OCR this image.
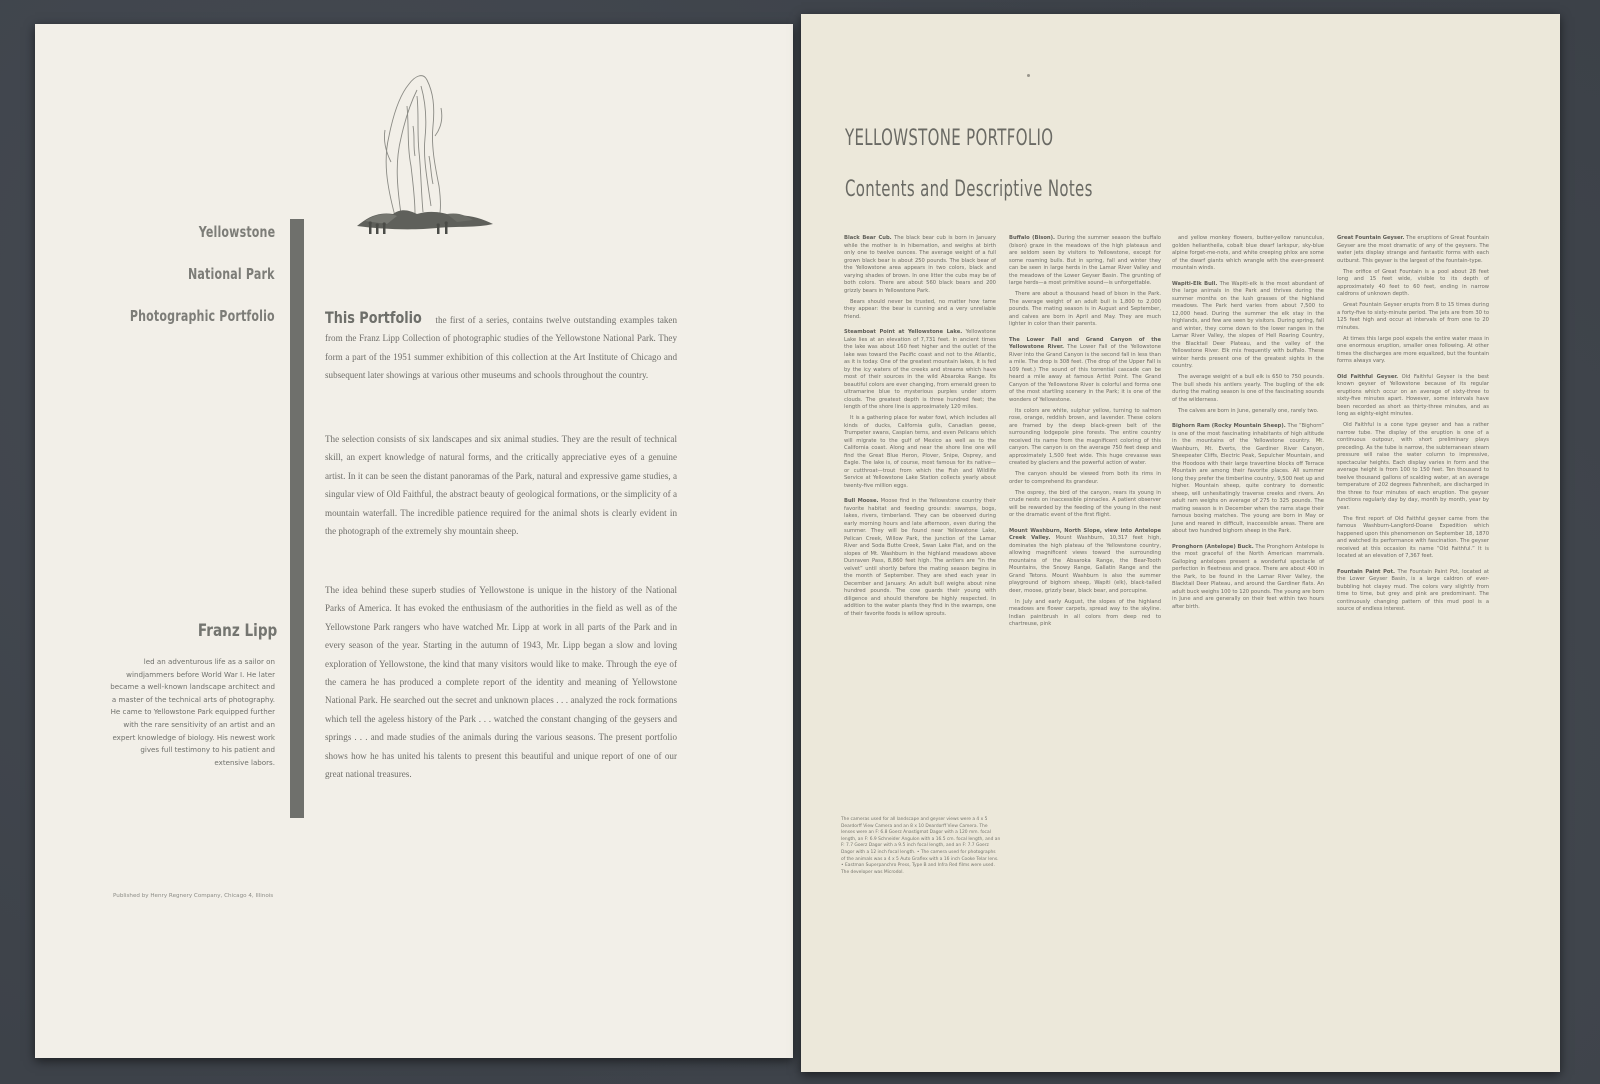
Yellowstone
National Park
Photographic Portfolio	This Portfolio the first of a series, contains twelve outstanding examples taken from the Franz Lipp Collection of photographic studies of the Yellowstone National Park. They form a part of the 1951 summer exhibition of this collection at the Art Institute of Chicago and subsequent later showings at various other museums and schools throughout the country.
The selection consists of six landscapes and six animal studies. They are the result of technical skill, an expert knowledge of natural forms, and the critically appreciative eyes of a genuine artist. In it can be seen the distant panoramas of the Park, natural and expressive game studies, a singular view of Old Faithful, the abstract beauty of geological formations, or the simplicity of a mountain waterfall. The incredible patience required for the animal shots is clearly evident in the photograph of the extremely shy mountain sheep.
The idea behind these superb studies of Yellowstone is unique in the history of the National Parks of America. It has evoked the enthusiasm of the authorities in the field as well as of the Yellowstone Park rangers who have watched Mr. Lipp at work in all parts of the Park and in every season of the year. Starting in the autumn of 1943, Mr. Lipp began a slow and loving exploration of Yellowstone, the kind that many visitors would like to make. Through the eye of the camera he has produced a complete report of the identity and meaning of Yellowstone National Park. He searched out the secret and unknown places . . . analyzed the rock formations which tell the ageless history of the Park . . . watched the constant changing of the geysers and springs . . . and made studies of the animals during the various seasons. The present portfolio shows how he has united his talents to present this beautiful and unique report of one of our great national treasures.
Franz Lipp
led an adventurous life as a sailor on windjammers before World War I. He later became a well-known landscape architect and a master of the technical arts of photography. He came to Yellowstone Park equipped further with the rare sensitivity of an artist and an expert knowledge of biology. His newest work gives full testimony to his patient and extensive labors.
Published by Henry Regnery Company, Chicago 4, Illinois
YELLOWSTONE PORTFOLIO
Contents and Descriptive Notes

Black Bear Cub. The black bear cub is born in January while the mother is in hibernation, and weighs at birth only one to twelve ounces. The average weight of a full grown black bear is about 250 pounds. The black bear of the Yellowstone area appears in two colors, black and varying shades of brown. In one litter the cubs may be of both colors. There are about 560 black bears and 200 grizzly bears in Yellowstone Park.

Bears should never be trusted, no matter how tame they appear: the bear is cunning and a very unreliable friend.

Steamboat Point at Yellowstone Lake. Yellowstone Lake lies at an elevation of 7,731 feet. In ancient times the lake was about 160 feet higher and the outlet of the lake was toward the Pacific coast and not to the Atlantic, as it is today. One of the greatest mountain lakes, it is fed by the icy waters of the creeks and streams which have most of their sources in the wild Absaroka Range. Its beautiful colors are ever changing, from emerald green to ultramarine blue to mysterious purples under storm clouds. The greatest depth is three hundred feet; the length of the shore line is approximately 120 miles.

It is a gathering place for water fowl, which includes all kinds of ducks, California gulls, Canadian geese, Trumpeter swans, Caspian terns, and even Pelicans which will migrate to the gulf of Mexico as well as to the California coast. Along and near the shore line one will find the Great Blue Heron, Plover, Snipe, Osprey, and Eagle. The lake is, of course, most famous for its native—or cutthroat—trout from which the Fish and Wildlife Service at Yellowstone Lake Station collects yearly about twenty-five million eggs.

Bull Moose. Moose find in the Yellowstone country their favorite habitat and feeding grounds: swamps, bogs, lakes, rivers, timberland. They can be observed during early morning hours and late afternoon, even during the summer. They will be found near Yellowstone Lake, Pelican Creek, Willow Park, the junction of the Lamar River and Soda Butte Creek, Swan Lake Flat, and on the slopes of Mt. Washburn in the highland meadows above Dunraven Pass, 8,860 feet high. The antlers are “in the velvet” until shortly before the mating season begins in the month of September. They are shed each year in December and January. An adult bull weighs about nine hundred pounds. The cow guards their young with diligence and should therefore be highly respected. In addition to the water plants they find in the swamps, one of their favorite foods is willow sprouts.

Buffalo (Bison). During the summer season the buffalo (bison) graze in the meadows of the high plateaus and are seldom seen by visitors to Yellowstone, except for some roaming bulls. But in spring, fall and winter they can be seen in large herds in the Lamar River Valley and the meadows of the Lower Geyser Basin. The grunting of large herds—a most primitive sound—is unforgettable.

There are about a thousand head of bison in the Park. The average weight of an adult bull is 1,800 to 2,000 pounds. The mating season is in August and September, and calves are born in April and May. They are much lighter in color than their parents.

The Lower Fall and Grand Canyon of the Yellowstone River. The Lower Fall of the Yellowstone River into the Grand Canyon is the second fall in less than a mile. The drop is 308 feet. (The drop of the Upper Fall is 109 feet.) The sound of this torrential cascade can be heard a mile away at famous Artist Point. The Grand Canyon of the Yellowstone River is colorful and forms one of the most startling scenery in the Park; it is one of the wonders of Yellowstone.

Its colors are white, sulphur yellow, turning to salmon rose, orange, reddish brown, and lavender. These colors are framed by the deep black-green belt of the surrounding lodgepole pine forests. The entire country received its name from the magnificent coloring of this canyon. The canyon is on the average 750 feet deep and approximately 1,500 feet wide. This huge crevasse was created by glaciers and the powerful action of water.

The canyon should be viewed from both its rims in order to comprehend its grandeur.

The osprey, the bird of the canyon, rears its young in crude nests on inaccessible pinnacles. A patient observer will be rewarded by the feeding of the young in the nest or the dramatic event of the first flight.

Mount Washburn, North Slope, view into Antelope Creek Valley. Mount Washburn, 10,317 feet high, dominates the high plateau of the Yellowstone country, allowing magnificent views toward the surrounding mountains of the Absaroka Range, the Bear-Tooth Mountains, the Snowy Range, Gallatin Range and the Grand Tetons. Mount Washburn is also the summer playground of bighorn sheep, Wapiti (elk), black-tailed deer, moose, grizzly bear, black bear, and porcupine.

In July and early August, the slopes of the highland meadows are flower carpets, spread way to the skyline. Indian paintbrush in all colors from deep red to chartreuse, pink

and yellow monkey flowers, butter-yellow ranunculus, golden heliantheila, cobalt blue dwarf larkspur, sky-blue alpine forget-me-nots, and white creeping phlox are some of the dwarf giants which wrangle with the ever-present mountain winds.

Wapiti-Elk Bull. The Wapiti-elk is the most abundant of the large animals in the Park and thrives during the summer months on the lush grasses of the highland meadows. The Park herd varies from about 7,500 to 12,000 head. During the summer the elk stay in the highlands, and few are seen by visitors. During spring, fall and winter, they come down to the lower ranges in the Lamar River Valley, the slopes of Hell Roaring Country, the Blacktail Deer Plateau, and the valley of the Yellowstone River. Elk mix frequently with buffalo. These winter herds present one of the greatest sights in the country.

The average weight of a bull elk is 650 to 750 pounds. The bull sheds his antlers yearly. The bugling of the elk during the mating season is one of the fascinating sounds of the wilderness.

The calves are born in June, generally one, rarely two.

Bighorn Ram (Rocky Mountain Sheep). The “Bighorn” is one of the most fascinating inhabitants of high altitude in the mountains of the Yellowstone country. Mt. Washburn, Mt. Everts, the Gardiner River Canyon, Sheepeater Cliffs, Electric Peak, Sepulcher Mountain, and the Hoodoos with their large travertine blocks off Terrace Mountain are among their favorite places. All summer long they prefer the timberline country, 9,500 feet up and higher. Mountain sheep, quite contrary to domestic sheep, will unhesitatingly traverse creeks and rivers. An adult ram weighs on average of 275 to 325 pounds. The mating season is in December when the rams stage their famous boxing matches. The young are born in May or June and reared in difficult, inaccessible areas. There are about two hundred bighorn sheep in the Park.

Pronghorn (Antelope) Buck. The Pronghorn Antelope is the most graceful of the North American mammals. Galloping antelopes present a wonderful spectacle of perfection in fleetness and grace. There are about 400 in the Park, to be found in the Lamar River Valley, the Blacktail Deer Plateau, and around the Gardiner flats. An adult buck weighs 100 to 120 pounds. The young are born in June and are generally on their feet within two hours after birth.

Great Fountain Geyser. The eruptions of Great Fountain Geyser are the most dramatic of any of the geysers. The water jets display strange and fantastic forms with each outburst. This geyser is the largest of the fountain-type.

The orifice of Great Fountain is a pool about 28 feet long and 15 feet wide, visible to its depth of approximately 40 feet to 60 feet, ending in narrow caldrons of unknown depth.

Great Fountain Geyser erupts from 8 to 15 times during a forty-five to sixty-minute period. The jets are from 30 to 125 feet high and occur at intervals of from one to 20 minutes.

At times this large pool expels the entire water mass in one enormous eruption, smaller ones following. At other times the discharges are more equalized, but the fountain forms always vary.

Old Faithful Geyser. Old Faithful Geyser is the best known geyser of Yellowstone because of its regular eruptions which occur on an average of sixty-three to sixty-five minutes apart. However, some intervals have been recorded as short as thirty-three minutes, and as long as eighty-eight minutes.

Old Faithful is a cone type geyser and has a rather narrow tube. The display of the eruption is one of a continuous outpour, with short preliminary plays preceding. As the tube is narrow, the subterranean steam pressure will raise the water column to impressive, spectacular heights. Each display varies in form and the average height is from 100 to 150 feet. Ten thousand to twelve thousand gallons of scalding water, at an average temperature of 202 degrees Fahrenheit, are discharged in the three to four minutes of each eruption. The geyser functions regularly day by day, month by month, year by year.

The first report of Old Faithful geyser came from the famous Washburn-Langford-Doane Expedition which happened upon this phenomenon on September 18, 1870 and watched its performance with fascination. The geyser received at this occasion its name “Old Faithful.” It is located at an elevation of 7,367 feet.

Fountain Paint Pot. The Fountain Paint Pot, located at the Lower Geyser Basin, is a large caldron of ever-bubbling hot clayey mud. The colors vary slightly from time to time, but grey and pink are predominant. The continuously changing pattern of this mud pool is a source of endless interest.

The cameras used for all landscape and geyser views were a 4 x 5 Deardorff View Camera and an 8 x 10 Deardorff View Camera. The lenses were an F: 6.8 Goerz Anastigmat Dagor with a 120 mm. focal length, an F: 6.9 Schneider Angulon with a 16.5 cm. focal length, and an F: 7.7 Goerz Dagor with a 9.5 inch focal length, and an F: 7.7 Goerz Dagor with a 12 inch focal length. • The camera used for photographs of the animals was a 4 x 5 Auto Graflex with a 16 inch Cooke Telar lens. • Eastman Superpanchro Press, Type B and Infra Red films were used. The developer was Microdol.
